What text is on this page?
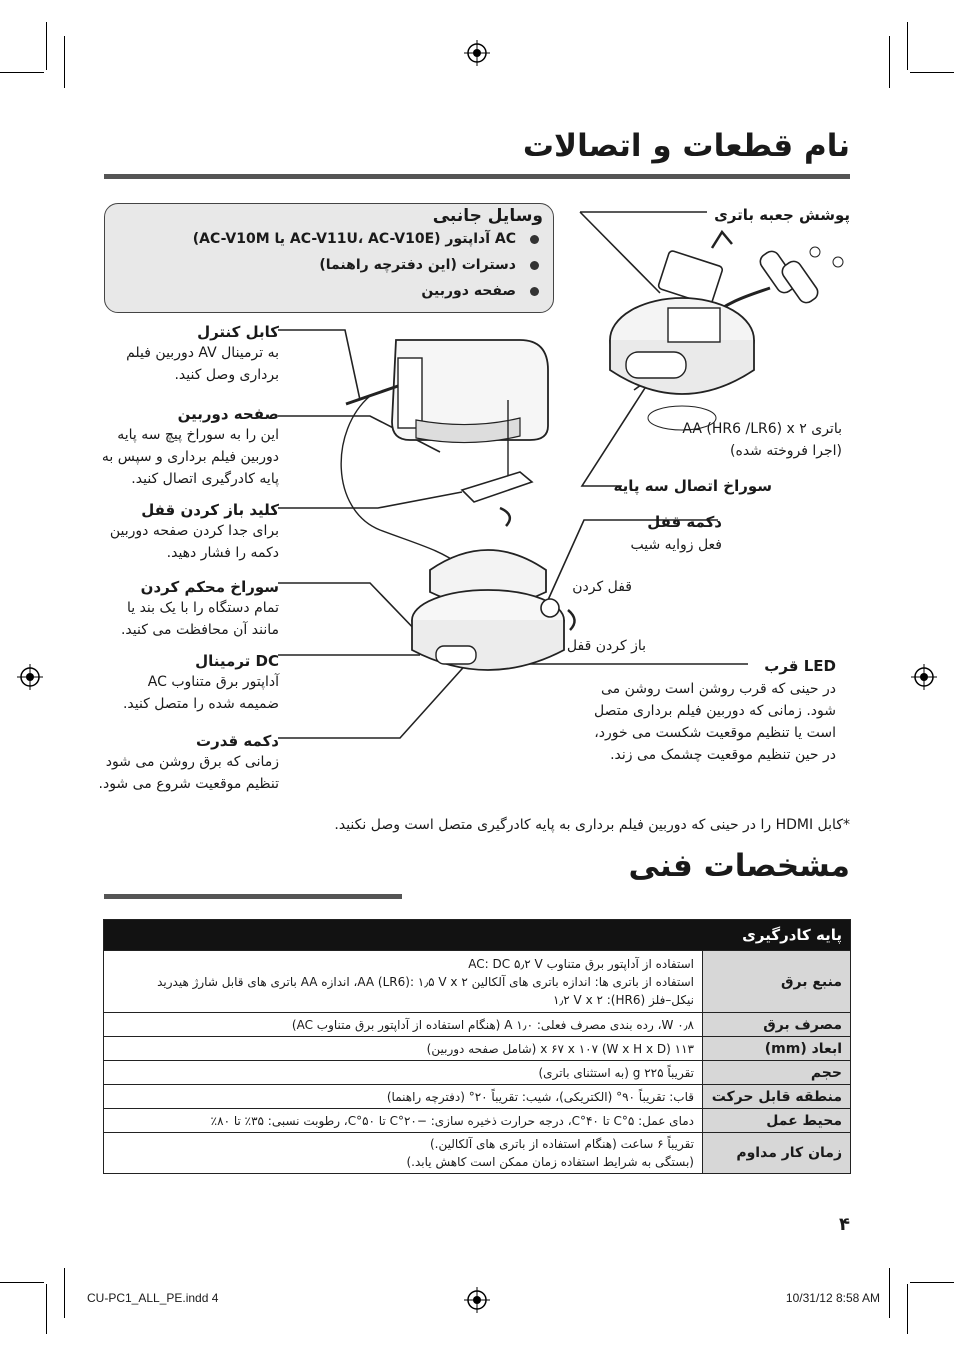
نام قطعات و اتصالات
وسایل جانبی
AC آداپتور (AC-V11U، AC-V10E یا AC-V10M)
دسترات (این دفترچه راهنما)
صفحه دوربین
پوشش جعبه باتری
باتری AA (HR6 /LR6) x ۲
(اجرا فروخته شده)
سوراخ اتصال سه پایه
دکمه قفل
فعل زوایه شیب
قفل کردن
باز کردن قفل
LED قرب
در حینی که قرب روشن است روشن می
شود. زمانی که دوربین فیلم برداری متصل
است یا تنظیم موقعیت شکست می خورد،
در حین تنظیم موقعیت چشمک می زند.
کابل کنترل
به ترمینال AV دوربین فیلم
برداری وصل کنید.
صفحه دوربین
این را به سوراخ پیچ سه پایه
دوربین فیلم برداری و سپس به
پایه کادرگیری اتصال کنید.
کلید باز کردن قفل
برای جدا کردن صفحه دوربین
دکمه را فشار دهید.
سوراخ محکم کردن
تمام دستگاه را با یک بند یا
مانند آن محافظت می کنید.
DC ترمینال
آداپتور برق متناوب AC
ضمیمه شده را متصل کنید.
دکمه قدرت
زمانی که برق روشن می شود
تنظیم موقعیت شروع می شود.
*کابل HDMI را در حینی که دوربین فیلم برداری به پایه کادرگیری متصل است وصل نکنید.
مشخصات فنی
پایه کادرگیری	
منبع برق	استفاده از آداپتور برق متناوب AC: DC ۵٫۲ V
استفاده از باتری ها: اندازه باتری های آلکالین AA (LR6): ۱٫۵ V x ۲، اندازه AA باتری های قابل شارژ هیدرید
نیکل–فلز (HR6): ۱٫۲ V x ۲

مصرف برق	۰٫۸ W، رده بندی مصرف فعلی: ۱٫۰ A (هنگام استفاده از آداپتور برق متناوب AC)
ابعاد (mm)	۱۱۳ x ۶۷ x ۱۰۷ (W x H x D) (شامل صفحه دوربین)
حجم	تقریباً ۲۲۵ g (به استثنای باتری)
منطقه قابل حرکت	قاب: تقریباً ۹۰° (الکتریکی)، شیب: تقریباً ۲۰° (دفترچه راهنما)
محیط عمل	دمای عمل: ۵°C تا ۴۰°C، درجه حرارت ذخیره سازی: −۲۰°C تا ۵۰°C، رطوبت نسبی: ۳۵٪ تا ۸۰٪
زمان کار مداوم	تقریباً ۶ ساعت (هنگام استفاده از باتری های آلکالین.)
(بستگی به شرایط استفاده زمان ممکن است کاهش یابد.)
۴
CU-PC1_ALL_PE.indd 4	10/31/12 8:58 AM
